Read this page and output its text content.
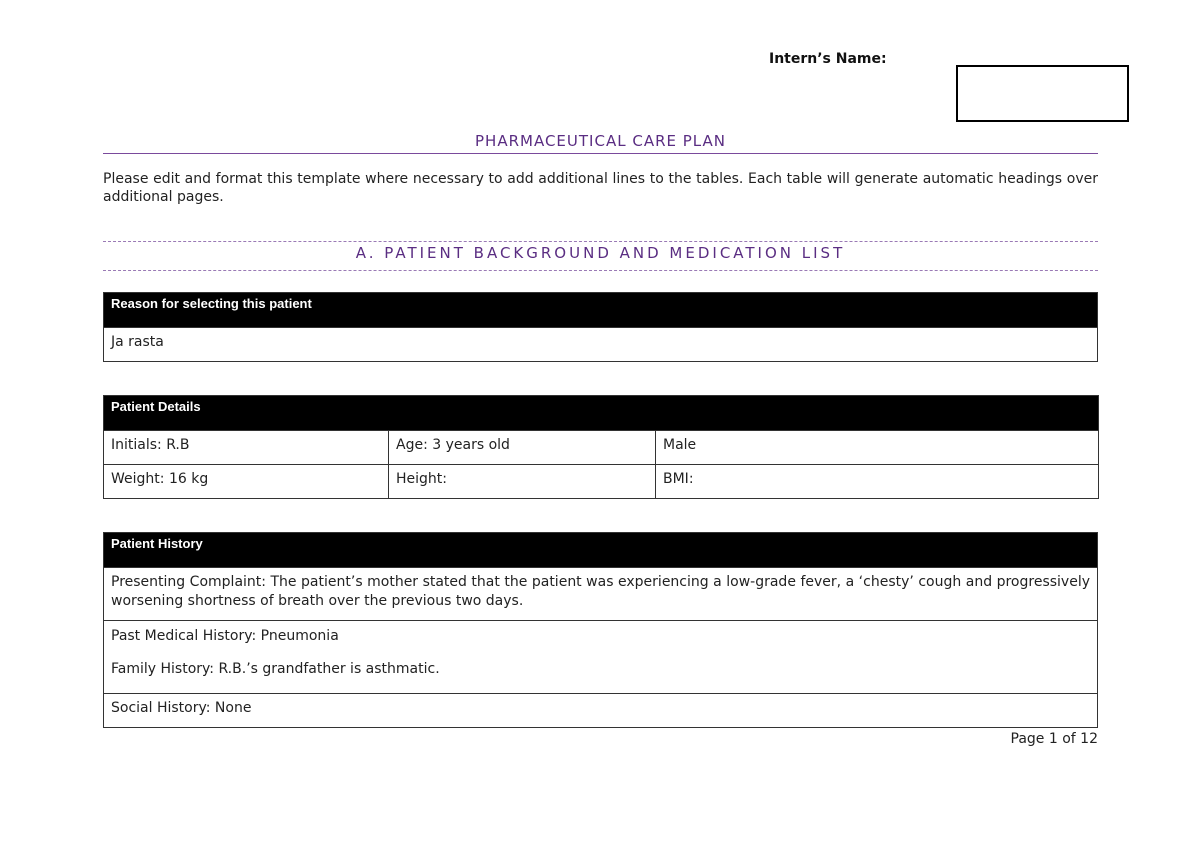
Intern’s Name:
PHARMACEUTICAL CARE PLAN
Please edit and format this template where necessary to add additional lines to the tables. Each table will generate automatic headings over additional pages.
A. PATIENT BACKGROUND AND MEDICATION LIST
Reason for selecting this patient
Ja rasta
Patient Details		
Initials: R.B	Age: 3 years old	Male
Weight: 16 kg	Height:	BMI:
Patient History
Presenting Complaint: The patient’s mother stated that the patient was experiencing a low-grade fever, a ‘chesty’ cough and progressively worsening shortness of breath over the previous two days.

Past Medical History: Pneumonia

Family History: R.B.’s grandfather is asthmatic.

Social History: None
Page 1 of 12
